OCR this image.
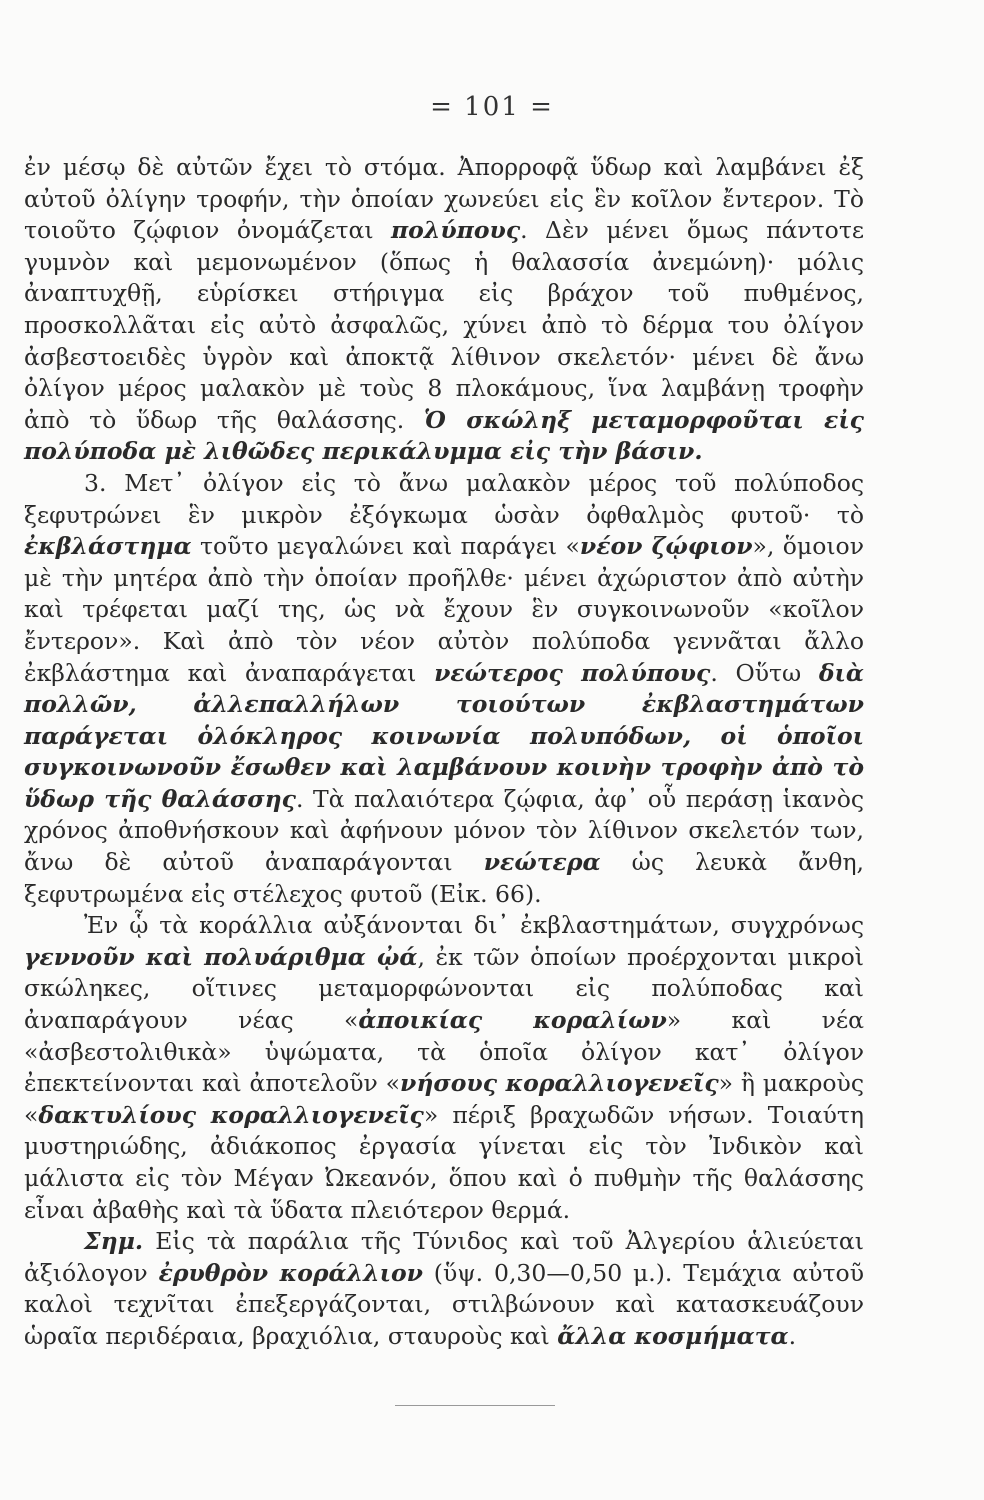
= 101 =

ἐν μέσῳ δὲ αὐτῶν ἔχει τὸ στόμα. Ἀπορροφᾷ ὕδωρ καὶ λαμβάνει ἐξ αὐτοῦ ὀλίγην τροφήν, τὴν ὁποίαν χωνεύει εἰς ἓν κοῖλον ἔντερον. Τὸ τοιοῦτο ζῴφιον ὀνομάζεται πολύπους. Δὲν μένει ὅμως πάντοτε γυμνὸν καὶ μεμονωμένον (ὅπως ἡ θαλασσία ἀνεμώνη)· μόλις ἀναπτυχθῇ, εὑρίσκει στήριγμα εἰς βράχον τοῦ πυθμένος, προσκολλᾶται εἰς αὐτὸ ἀσφαλῶς, χύνει ἀπὸ τὸ δέρμα του ὀλίγον ἀσβεστοειδὲς ὑγρὸν καὶ ἀποκτᾷ λίθινον σκελετόν· μένει δὲ ἄνω ὀλίγον μέρος μαλακὸν μὲ τοὺς 8 πλοκάμους, ἵνα λαμβάνῃ τροφὴν ἀπὸ τὸ ὕδωρ τῆς θαλάσσης. Ὁ σκώληξ μεταμορφοῦται εἰς πολύποδα μὲ λιθῶδες περικάλυμμα εἰς τὴν βάσιν.

3. Μετ᾽ ὀλίγον εἰς τὸ ἄνω μαλακὸν μέρος τοῦ πολύποδος ξεφυτρώνει ἓν μικρὸν ἐξόγκωμα ὡσὰν ὀφθαλμὸς φυτοῦ· τὸ ἐκβλάστημα τοῦτο μεγαλώνει καὶ παράγει «νέον ζῴφιον», ὅμοιον μὲ τὴν μητέρα ἀπὸ τὴν ὁποίαν προῆλθε· μένει ἀχώριστον ἀπὸ αὐτὴν καὶ τρέφεται μαζί της, ὡς νὰ ἔχουν ἓν συγκοινωνοῦν «κοῖλον ἔντερον». Καὶ ἀπὸ τὸν νέον αὐτὸν πολύποδα γεννᾶται ἄλλο ἐκβλάστημα καὶ ἀναπαράγεται νεώτερος πολύπους. Οὕτω διὰ πολλῶν, ἀλλεπαλλήλων τοιούτων ἐκβλαστημάτων παράγεται ὁλόκληρος κοινωνία πολυπόδων, οἱ ὁποῖοι συγκοινωνοῦν ἔσωθεν καὶ λαμβάνουν κοινὴν τροφὴν ἀπὸ τὸ ὕδωρ τῆς θαλάσσης. Τὰ παλαιότερα ζῴφια, ἀφ᾽ οὗ περάσῃ ἱκανὸς χρόνος ἀποθνήσκουν καὶ ἀφήνουν μόνον τὸν λίθινον σκελετόν των, ἄνω δὲ αὐτοῦ ἀναπαράγονται νεώτερα ὡς λευκὰ ἄνθη, ξεφυτρωμένα εἰς στέλεχος φυτοῦ (Εἰκ. 66).

Ἐν ᾧ τὰ κοράλλια αὐξάνονται δι᾽ ἐκβλαστημάτων, συγχρόνως γεννοῦν καὶ πολυάριθμα ᾠά, ἐκ τῶν ὁποίων προέρχονται μικροὶ σκώληκες, οἵτινες μεταμορφώνονται εἰς πολύποδας καὶ ἀναπαράγουν νέας «ἀποικίας κοραλίων» καὶ νέα «ἀσβεστολιθικὰ» ὑψώματα, τὰ ὁποῖα ὀλίγον κατ᾽ ὀλίγον ἐπεκτείνονται καὶ ἀποτελοῦν «νήσους κοραλλιογενεῖς» ἢ μακροὺς «δακτυλίους κοραλλιογενεῖς» πέριξ βραχωδῶν νήσων. Τοιαύτη μυστηριώδης, ἀδιάκοπος ἐργασία γίνεται εἰς τὸν Ἰνδικὸν καὶ μάλιστα εἰς τὸν Μέγαν Ὠκεανόν, ὅπου καὶ ὁ πυθμὴν τῆς θαλάσσης εἶναι ἀβαθὴς καὶ τὰ ὕδατα πλειότερον θερμά.

Σημ. Εἰς τὰ παράλια τῆς Τύνιδος καὶ τοῦ Ἀλγερίου ἁλιεύεται ἀξιόλογον ἐρυθρὸν κοράλλιον (ὕψ. 0,30—0,50 μ.). Τεμάχια αὐτοῦ καλοὶ τεχνῖται ἐπεξεργάζονται, στιλβώνουν καὶ κατασκευάζουν ὡραῖα περιδέραια, βραχιόλια, σταυροὺς καὶ ἄλλα κοσμήματα.
